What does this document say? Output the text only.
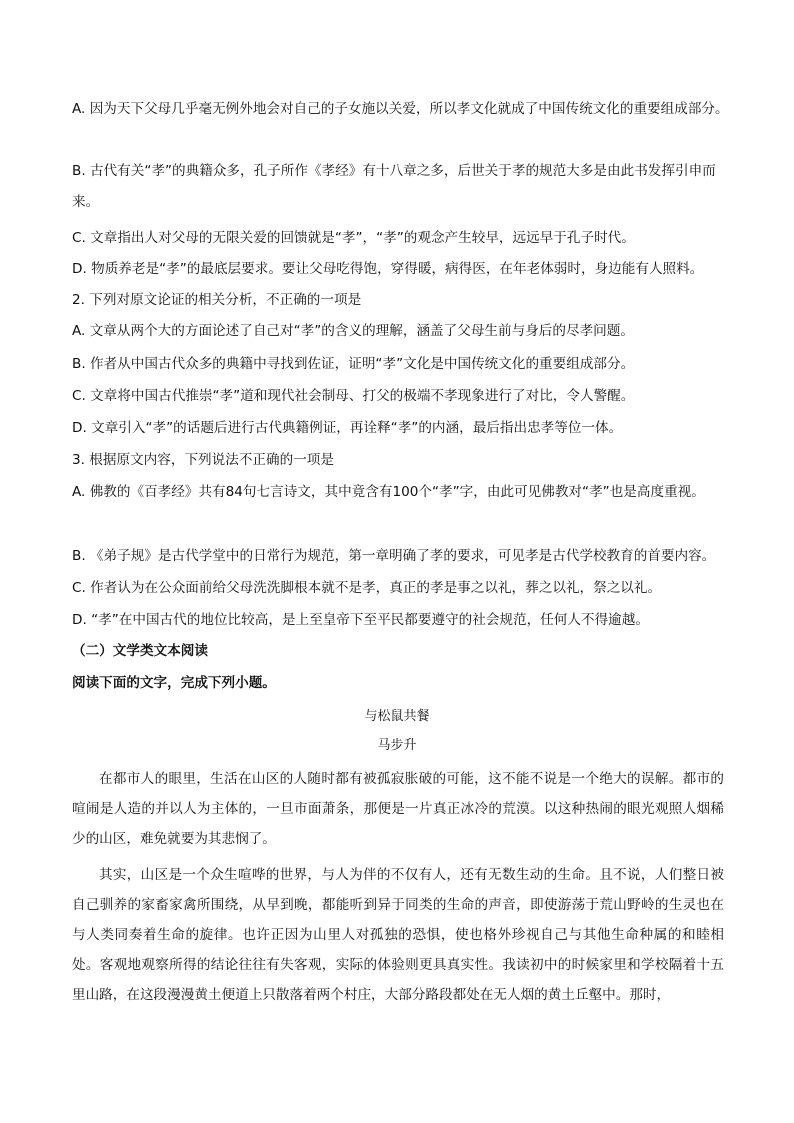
A. 因为天下父母几乎毫无例外地会对自己的子女施以关爱，所以孝文化就成了中国传统文化的重要组成部分。
B. 古代有关“孝”的典籍众多，孔子所作《孝经》有十八章之多，后世关于孝的规范大多是由此书发挥引申而来。
C. 文章指出人对父母的无限关爱的回馈就是“孝”，“孝”的观念产生较早，远远早于孔子时代。
D. 物质养老是“孝”的最底层要求。要让父母吃得饱，穿得暖，病得医，在年老体弱时，身边能有人照料。
2. 下列对原文论证的相关分析，不正确的一项是
A. 文章从两个大的方面论述了自己对“孝”的含义的理解，涵盖了父母生前与身后的尽孝问题。
B. 作者从中国古代众多的典籍中寻找到佐证，证明“孝”文化是中国传统文化的重要组成部分。
C. 文章将中国古代推崇“孝”道和现代社会制母、打父的极端不孝现象进行了对比，令人警醒。
D. 文章引入“孝”的话题后进行古代典籍例证，再诠释“孝”的内涵，最后指出忠孝等位一体。
3. 根据原文内容，下列说法不正确的一项是
A. 佛教的《百孝经》共有84句七言诗文，其中竟含有100个“孝”字，由此可见佛教对“孝”也是高度重视。
B. 《弟子规》是古代学堂中的日常行为规范，第一章明确了孝的要求，可见孝是古代学校教育的首要内容。
C. 作者认为在公众面前给父母洗洗脚根本就不是孝，真正的孝是事之以礼，葬之以礼，祭之以礼。
D. “孝”在中国古代的地位比较高，是上至皇帝下至平民都要遵守的社会规范，任何人不得逾越。
（二）文学类文本阅读
阅读下面的文字，完成下列小题。
与松鼠共餐
马步升

在都市人的眼里，生活在山区的人随时都有被孤寂胀破的可能，这不能不说是一个绝大的误解。都市的喧闹是人造的并以人为主体的，一旦市面萧条，那便是一片真正冰冷的荒漠。以这种热闹的眼光观照人烟稀少的山区，难免就要为其悲悯了。

其实，山区是一个众生喧哗的世界，与人为伴的不仅有人，还有无数生动的生命。且不说，人们整日被自己驯养的家畜家禽所围绕，从早到晚，都能听到异于同类的生命的声音，即使游荡于荒山野岭的生灵也在与人类同奏着生命的旋律。也许正因为山里人对孤独的恐惧，使也格外珍视自己与其他生命种属的和睦相处。客观地观察所得的结论往往有失客观，实际的体验则更具真实性。我读初中的时候家里和学校隔着十五里山路，在这段漫漫黄土便道上只散落着两个村庄，大部分路段都处在无人烟的黄土丘壑中。那时，
